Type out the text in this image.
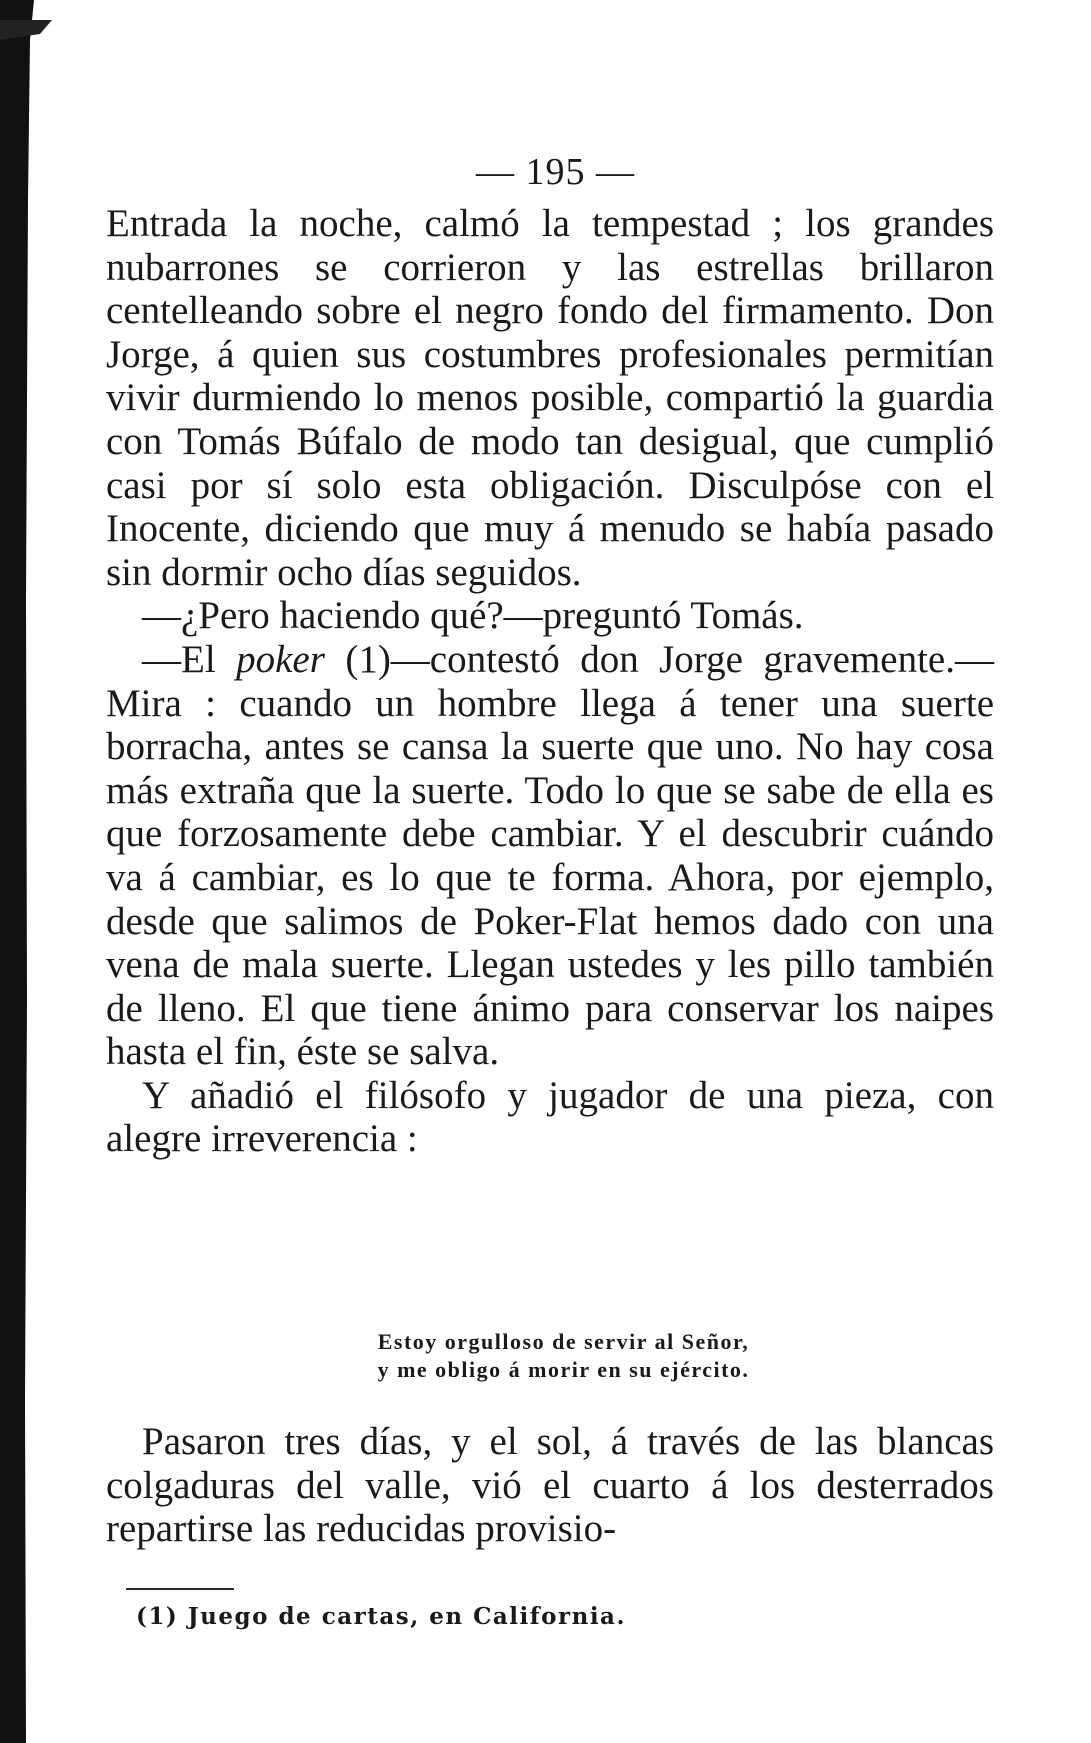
— 195 —

Entrada la noche, calmó la tempestad ; los grandes nubarrones se corrieron y las estrellas brillaron centelleando sobre el negro fondo del firmamento. Don Jorge, á quien sus costumbres profesionales permitían vivir durmiendo lo menos posible, compartió la guardia con Tomás Búfalo de modo tan desigual, que cumplió casi por sí solo esta obligación. Disculpóse con el Inocente, diciendo que muy á menudo se había pasado sin dormir ocho días seguidos.

—¿Pero haciendo qué?—preguntó Tomás.

—El poker (1)—contestó don Jorge gravemente.—Mira : cuando un hombre llega á tener una suerte borracha, antes se cansa la suerte que uno. No hay cosa más extraña que la suerte. Todo lo que se sabe de ella es que forzosamente debe cambiar. Y el descubrir cuándo va á cambiar, es lo que te forma. Ahora, por ejemplo, desde que salimos de Poker-Flat hemos dado con una vena de mala suerte. Llegan ustedes y les pillo también de lleno. El que tiene ánimo para conservar los naipes hasta el fin, éste se salva.

Y añadió el filósofo y jugador de una pieza, con alegre irreverencia :

Estoy orgulloso de servir al Señor,
y me obligo á morir en su ejército.

Pasaron tres días, y el sol, á través de las blancas colgaduras del valle, vió el cuarto á los desterrados repartirse las reducidas provisio-

(1) Juego de cartas, en California.
